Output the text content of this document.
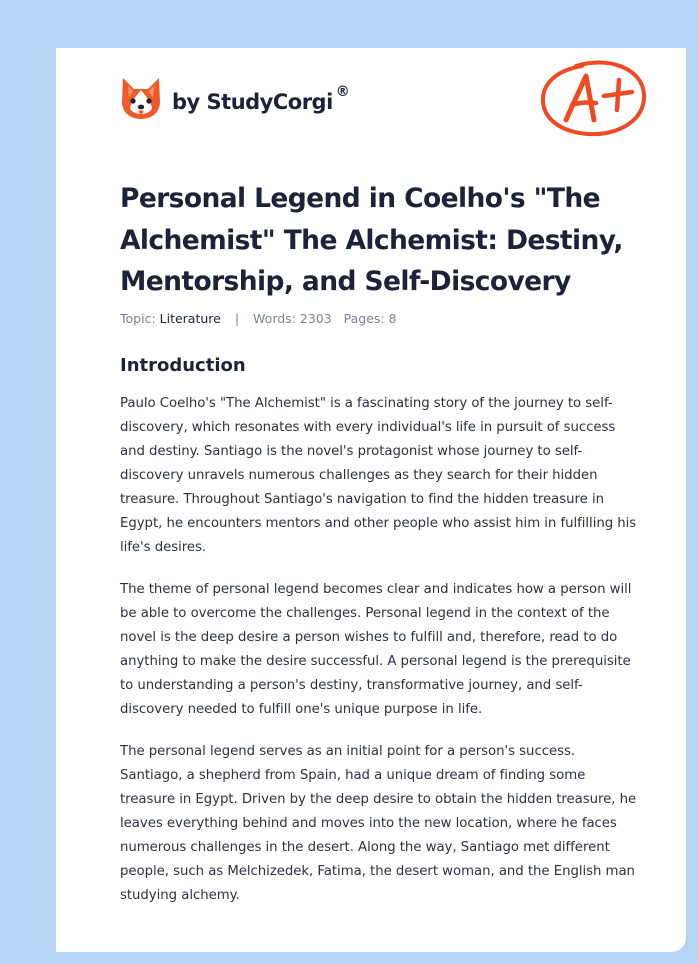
by StudyCorgi ®
Personal Legend in Coelho's "The Alchemist" The Alchemist: Destiny, Mentorship, and Self-Discovery
Topic: Literature | Words: 2303 Pages: 8
Introduction

Paulo Coelho's "The Alchemist" is a fascinating story of the journey to self-discovery, which resonates with every individual's life in pursuit of success and destiny. Santiago is the novel's protagonist whose journey to self-discovery unravels numerous challenges as they search for their hidden treasure. Throughout Santiago's navigation to find the hidden treasure in Egypt, he encounters mentors and other people who assist him in fulfilling his life's desires.

The theme of personal legend becomes clear and indicates how a person will be able to overcome the challenges. Personal legend in the context of the novel is the deep desire a person wishes to fulfill and, therefore, read to do anything to make the desire successful. A personal legend is the prerequisite to understanding a person's destiny, transformative journey, and self-discovery needed to fulfill one's unique purpose in life.

The personal legend serves as an initial point for a person's success. Santiago, a shepherd from Spain, had a unique dream of finding some treasure in Egypt. Driven by the deep desire to obtain the hidden treasure, he leaves everything behind and moves into the new location, where he faces numerous challenges in the desert. Along the way, Santiago met different people, such as Melchizedek, Fatima, the desert woman, and the English man studying alchemy.
